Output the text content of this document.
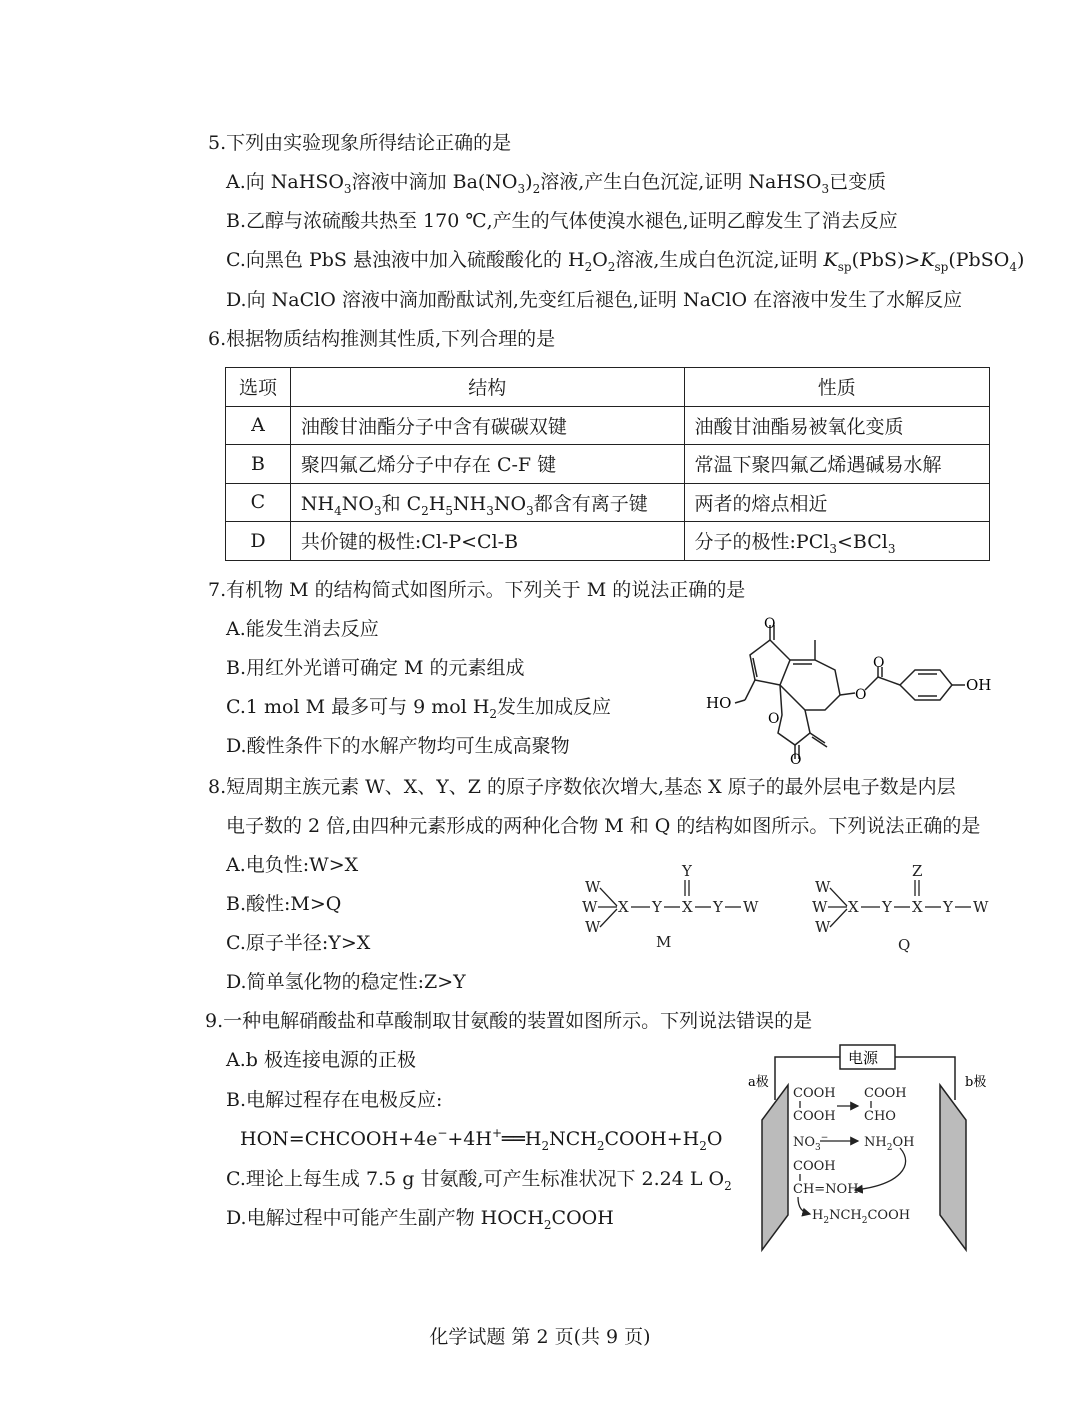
5.下列由实验现象所得结论正确的是
A.向 NaHSO$_3$溶液中滴加 $Ba(NO_3)_2$溶液,产生白色沉淀,证明 NaHSO$_3$已变质
B.乙醇与浓硫酸共热至 170 ℃,产生的气体使溴水褪色,证明乙醇发生了消去反应
C.向黑色 PbS 悬浊液中加入硫酸酸化的 $H_2O_2$溶液,生成白色沉淀,证明 $K_{sp}(PbS)>K_{sp}(PbSO_4)$
D.向 NaClO 溶液中滴加酚酞试剂,先变红后褪色,证明 NaClO 在溶液中发生了水解反应
6.根据物质结构推测其性质,下列合理的是
选项	结构	性质
A	油酸甘油酯分子中含有碳碳双键	油酸甘油酯易被氧化变质
B	聚四氟乙烯分子中存在 C-F 键	常温下聚四氟乙烯遇碱易水解
C	$NH_4NO_3$和 $C_2H_5NH_3NO_3$都含有离子键	两者的熔点相近
D	共价键的极性:Cl-P<Cl-B	分子的极性:PCl$_3$<BCl$_3$
7.有机物 M 的结构简式如图所示。下列关于 M 的说法正确的是
A.能发生消去反应
B.用红外光谱可确定 M 的元素组成
C.1 mol M 最多可与 9 mol $H_2$发生加成反应
D.酸性条件下的水解产物均可生成高聚物
O
OH
HO	O
O
O
O
8.短周期主族元素 W、X、Y、Z 的原子序数依次增大,基态 X 原子的最外层电子数是内层
电子数的 2 倍,由四种元素形成的两种化合物 M 和 Q 的结构如图所示。下列说法正确的是
A.电负性:W>X
B.酸性:M>Q
C.原子半径:Y>X
D.简单氢化物的稳定性:Z>Y
W
W
W
X Y
Y
X Y W
M
W
W
W
X Y
Z
X Y W
Q
9.一种电解硝酸盐和草酸制取甘氨酸的装置如图所示。下列说法错误的是
A.b 极连接电源的正极
B.电解过程存在电极反应:
$HON=CHCOOH+4e^-+4H^+══H_2NCH_2COOH+H_2O$
C.理论上每生成 7.5 g 甘氨酸,可产生标准状况下 2.24 L $O_2$
D.电解过程中可能产生副产物 $HOCH_2COOH$
电源
a极	b极
COOH
COOH
COOH
CHO
$NO_3^-$	$NH_2OH$
COOH
CH=NOH
$H_2NCH_2COOH$
化学试题 第 2 页(共 9 页)
